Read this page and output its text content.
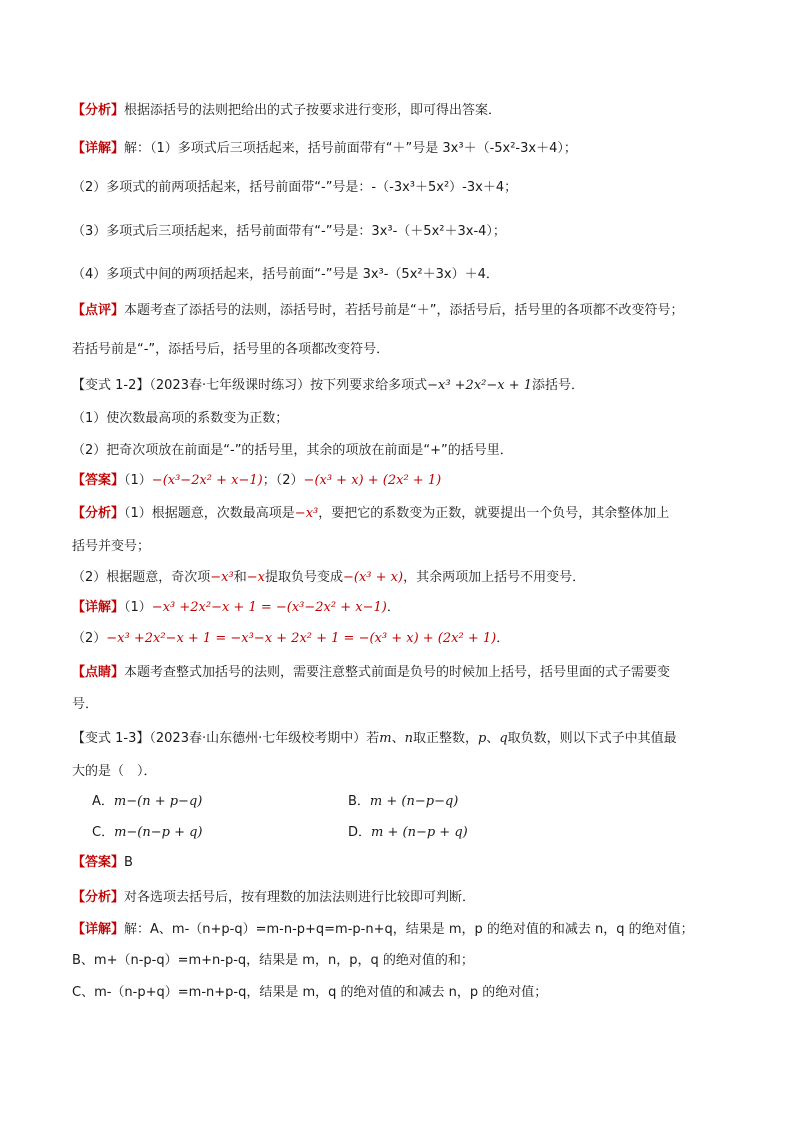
【分析】根据添括号的法则把给出的式子按要求进行变形，即可得出答案．
【详解】解：（1）多项式后三项括起来，括号前面带有“＋”号是 3x³＋（-5x²-3x＋4）；
（2）多项式的前两项括起来，括号前面带“-”号是：-（-3x³＋5x²）-3x＋4；
（3）多项式后三项括起来，括号前面带有“-”号是：3x³-（＋5x²＋3x-4）；
（4）多项式中间的两项括起来，括号前面“-”号是 3x³-（5x²＋3x）＋4．
【点评】本题考查了添括号的法则，添括号时，若括号前是“＋”，添括号后，括号里的各项都不改变符号；
若括号前是“-”，添括号后，括号里的各项都改变符号．
【变式 1-2】（2023春·七年级课时练习）按下列要求给多项式−x³ +2x²−x + 1添括号．
（1）使次数最高项的系数变为正数；
（2）把奇次项放在前面是“-”的括号里，其余的项放在前面是“+”的括号里．
【答案】（1）−(x³−2x² + x−1)；（2）−(x³ + x) + (2x² + 1)
【分析】（1）根据题意，次数最高项是−x³，要把它的系数变为正数，就要提出一个负号，其余整体加上
括号并变号；
（2）根据题意，奇次项−x³和−x提取负号变成−(x³ + x)，其余两项加上括号不用变号．
【详解】（1）−x³ +2x²−x + 1 = −(x³−2x² + x−1)．
（2）−x³ +2x²−x + 1 = −x³−x + 2x² + 1 = −(x³ + x) + (2x² + 1)．
【点睛】本题考查整式加括号的法则，需要注意整式前面是负号的时候加上括号，括号里面的式子需要变
号．
【变式 1-3】（2023春·山东德州·七年级校考期中）若m、n取正整数，p、q取负数，则以下式子中其值最
大的是（　）．
A．m−(n + p−q)	B．m + (n−p−q)
C．m−(n−p + q)	D．m + (n−p + q)
【答案】B
【分析】对各选项去括号后，按有理数的加法法则进行比较即可判断．
【详解】解：A、m-（n+p-q）=m-n-p+q=m-p-n+q，结果是 m，p 的绝对值的和减去 n，q 的绝对值；
B、m+（n-p-q）=m+n-p-q，结果是 m，n，p，q 的绝对值的和；
C、m-（n-p+q）=m-n+p-q，结果是 m，q 的绝对值的和减去 n，p 的绝对值；
